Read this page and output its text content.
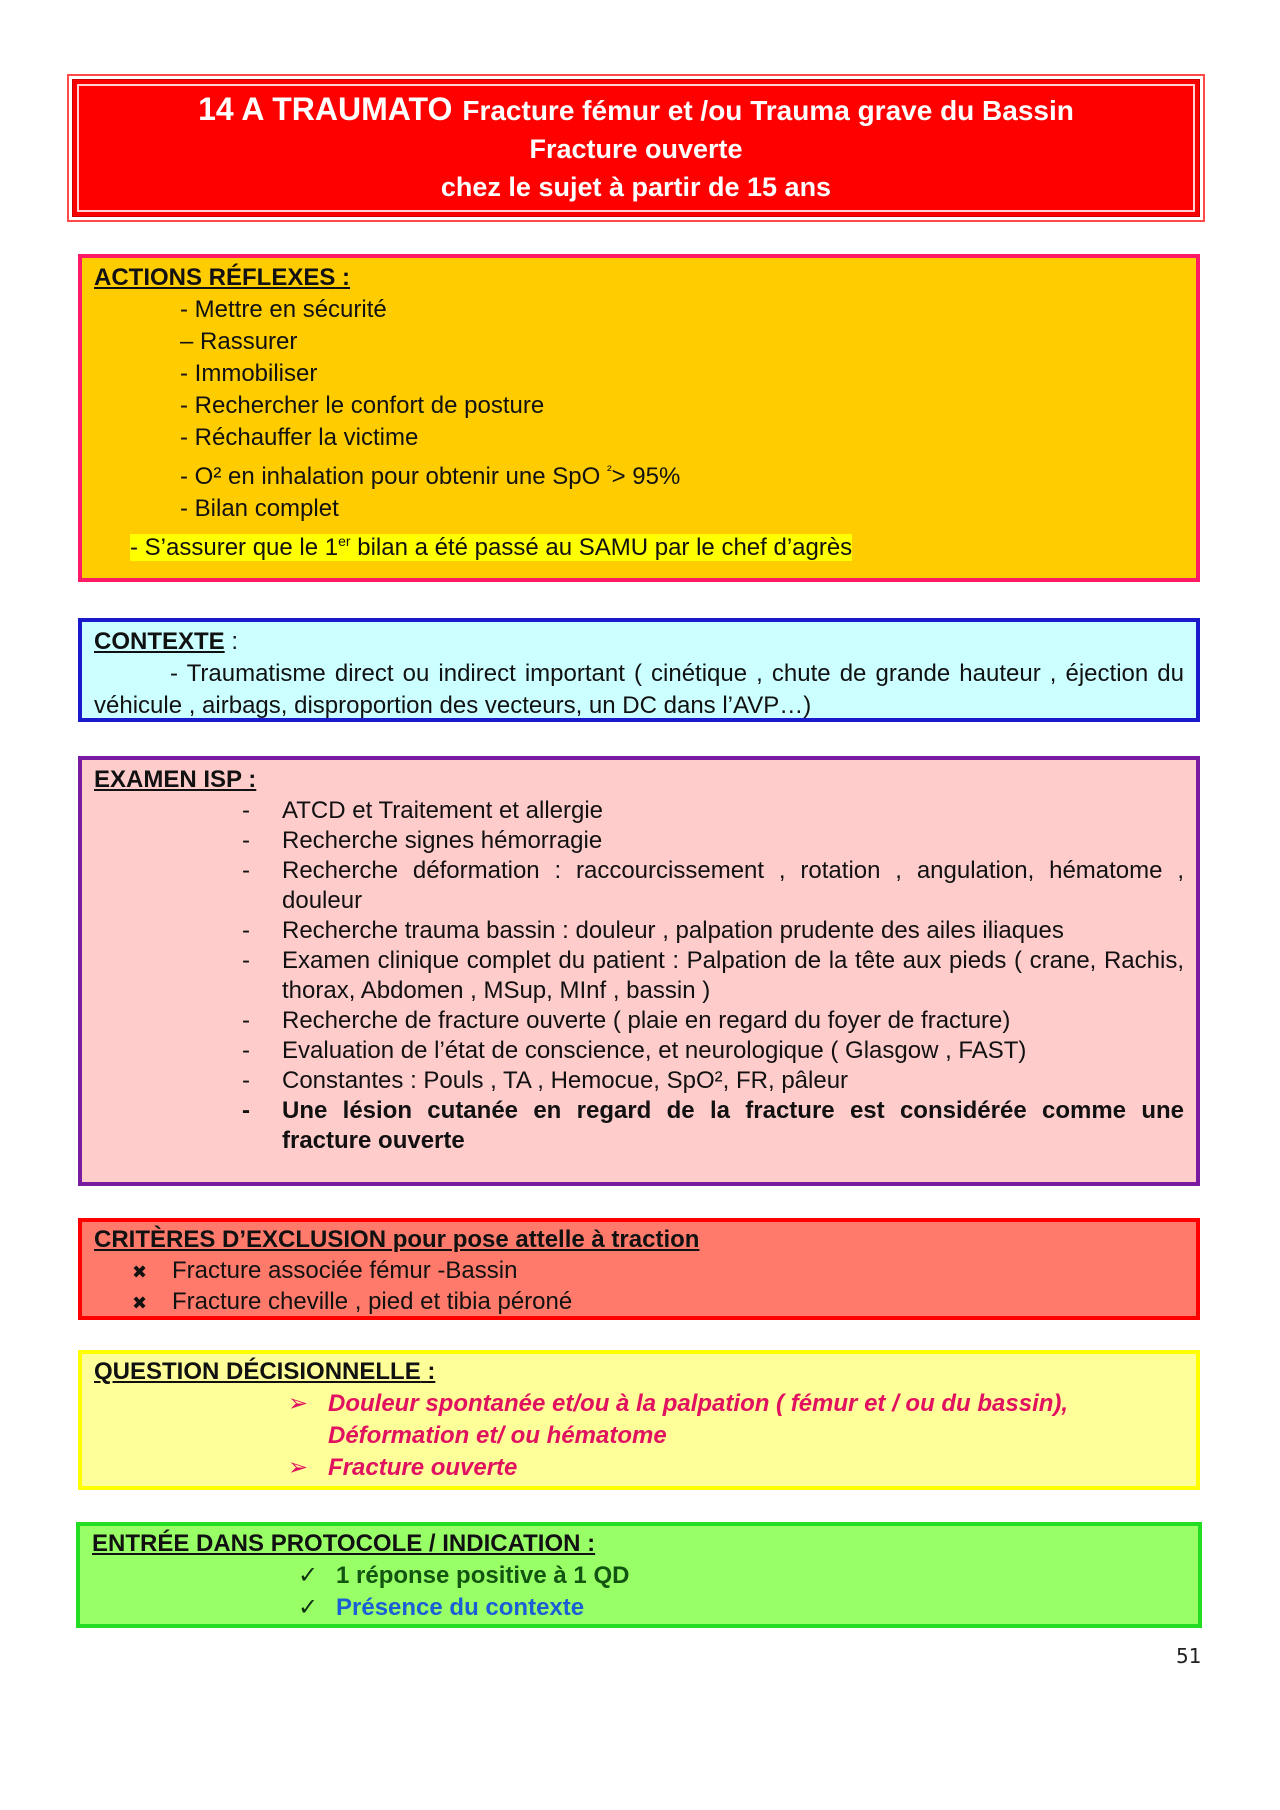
14 A TRAUMATO Fracture fémur et /ou Trauma grave du Bassin
Fracture ouverte
chez le sujet à partir de 15 ans
ACTIONS RÉFLEXES :
- Mettre en sécurité
– Rassurer
- Immobiliser
- Rechercher le confort de posture
- Réchauffer la victime
- O² en inhalation pour obtenir une SpO $^{^2}$> 95%
- Bilan complet
- S’assurer que le 1er bilan a été passé au SAMU par le chef d’agrès
CONTEXTE :

- Traumatisme direct ou indirect important ( cinétique , chute de grande hauteur , éjection du véhicule , airbags, disproportion des vecteurs, un DC dans l’AVP…)

EXAMEN ISP :
- ATCD et Traitement et allergie
- Recherche signes hémorragie
- Recherche déformation : raccourcissement , rotation , angulation, hématome , douleur
- Recherche trauma bassin : douleur , palpation prudente des ailes iliaques
- Examen clinique complet du patient : Palpation de la tête aux pieds ( crane, Rachis, thorax, Abdomen , MSup, MInf , bassin )
- Recherche de fracture ouverte ( plaie en regard du foyer de fracture)
- Evaluation de l’état de conscience, et neurologique ( Glasgow , FAST)
- Constantes : Pouls , TA , Hemocue, SpO², FR, pâleur
- Une lésion cutanée en regard de la fracture est considérée comme une fracture ouverte
CRITÈRES D’EXCLUSION pour pose attelle à traction
✖ Fracture associée fémur -Bassin
✖ Fracture cheville , pied et tibia péroné
QUESTION DÉCISIONNELLE :
➢ Douleur spontanée et/ou à la palpation ( fémur et / ou du bassin), Déformation et/ ou hématome
➢ Fracture ouverte
ENTRÉE DANS PROTOCOLE / INDICATION :
✓ 1 réponse positive à 1 QD
✓ Présence du contexte
51
